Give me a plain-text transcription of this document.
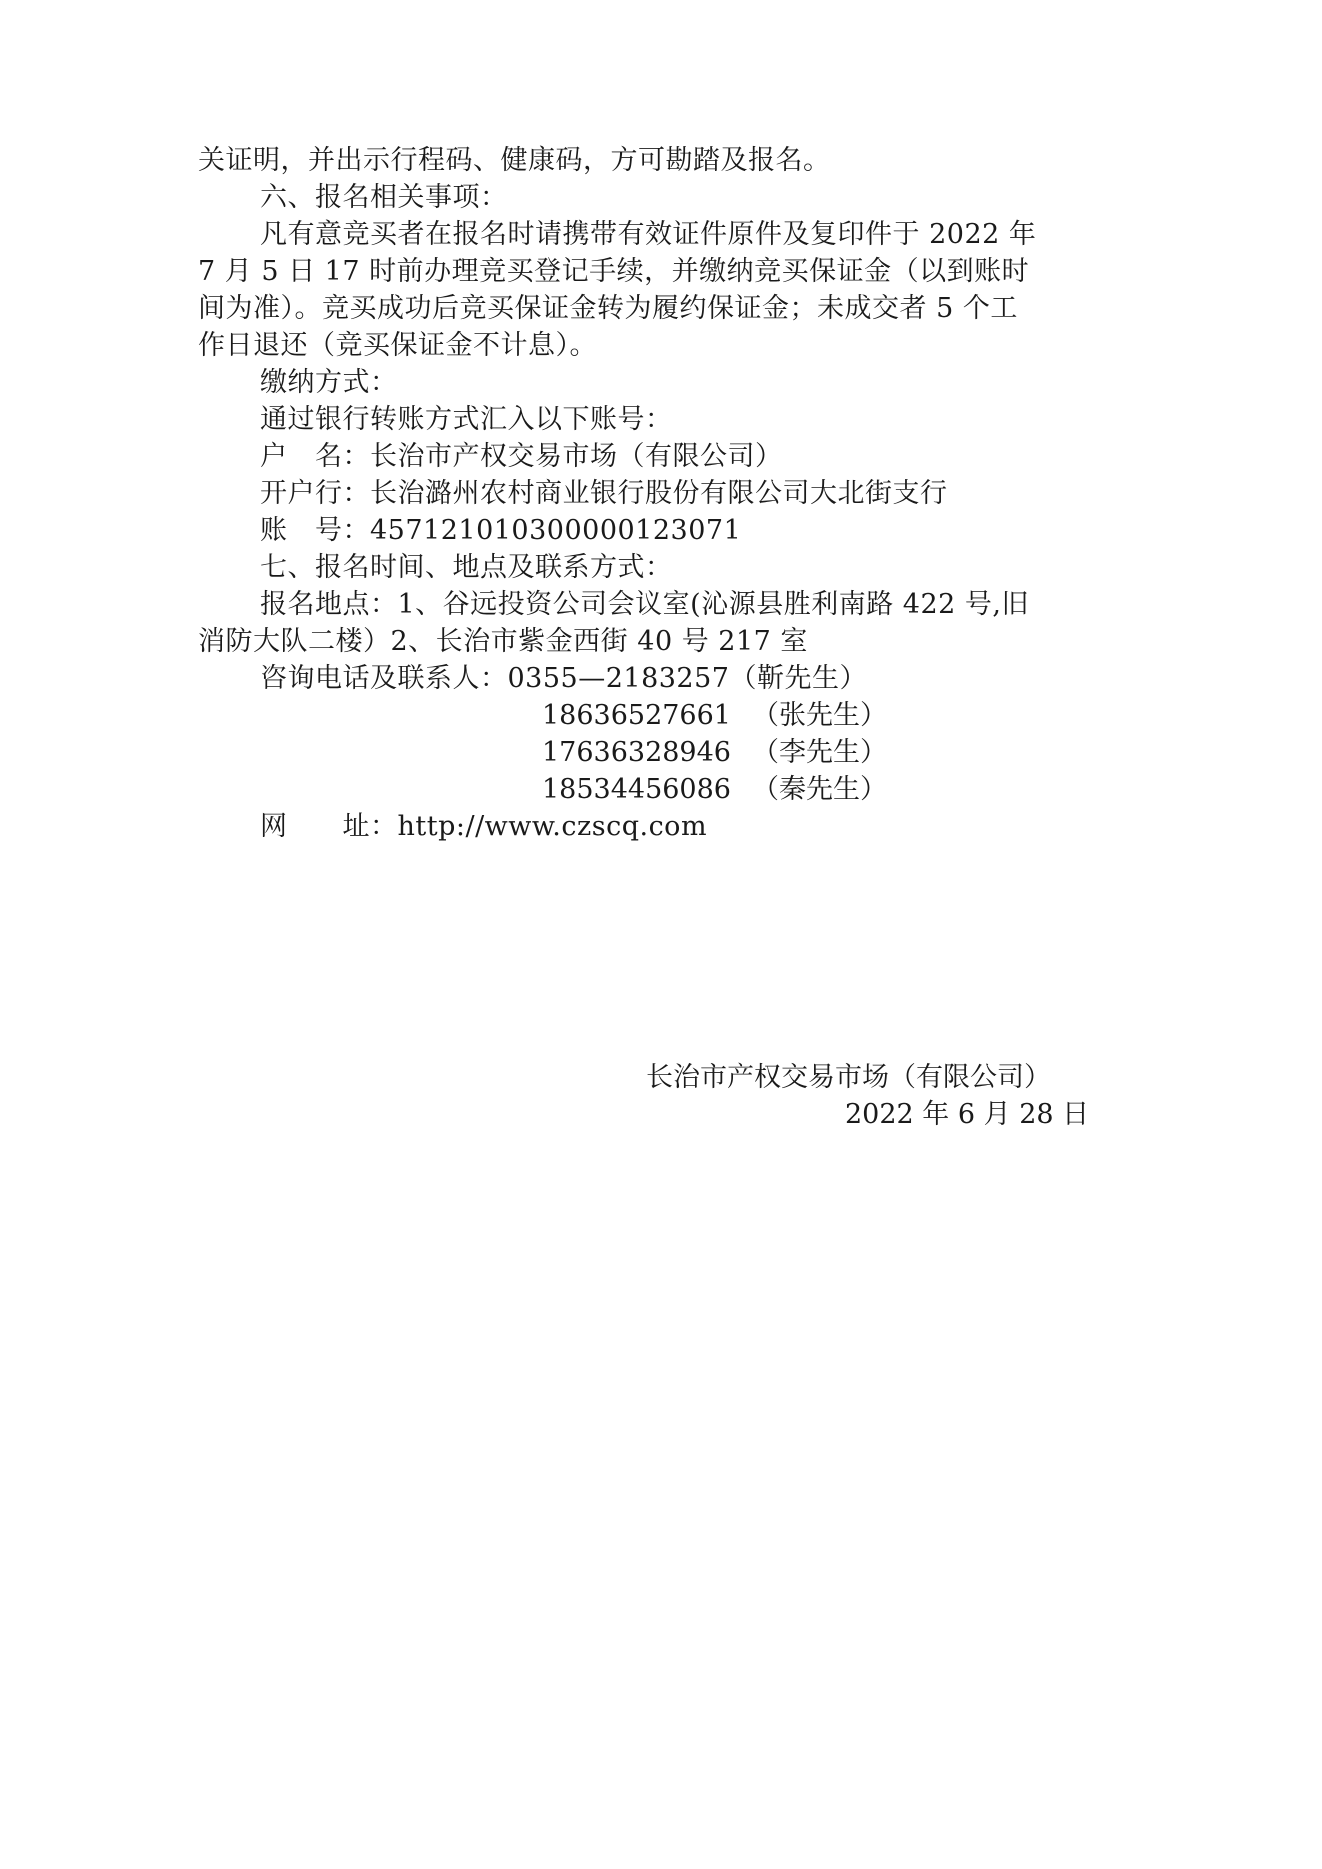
关证明，并出示行程码、健康码，方可勘踏及报名。
六、报名相关事项：
凡有意竞买者在报名时请携带有效证件原件及复印件于 2022 年
7 月 5 日 17 时前办理竞买登记手续，并缴纳竞买保证金（以到账时
间为准）。竞买成功后竞买保证金转为履约保证金；未成交者 5 个工
作日退还（竞买保证金不计息）。
缴纳方式：
通过银行转账方式汇入以下账号：
户　名：长治市产权交易市场（有限公司）
开户行：长治潞州农村商业银行股份有限公司大北街支行
账　号：457121010300000123071
七、报名时间、地点及联系方式：
报名地点：1、谷远投资公司会议室(沁源县胜利南路 422 号,旧
消防大队二楼）2、长治市紫金西街 40 号 217 室
咨询电话及联系人：0355—2183257（靳先生）
18636527661 （张先生）
17636328946 （李先生）
18534456086 （秦先生）
网　　址：http://www.czscq.com
长治市产权交易市场（有限公司）
2022 年 6 月 28 日
